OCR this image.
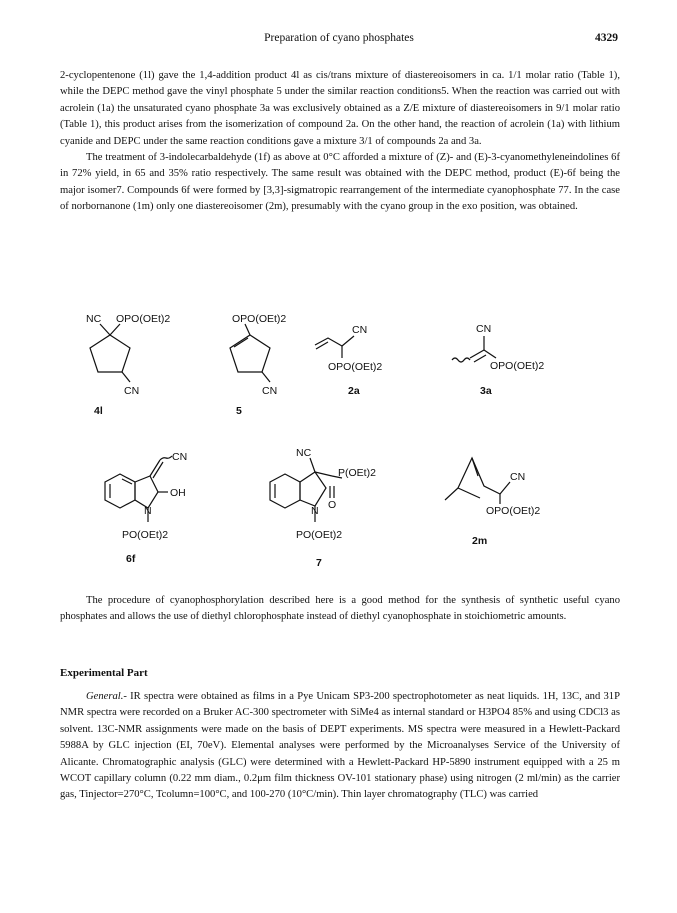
Preparation of cyano phosphates	4329

2-cyclopentenone (1l) gave the 1,4-addition product 4l as cis/trans mixture of diastereoisomers in ca. 1/1 molar ratio (Table 1), while the DEPC method gave the vinyl phosphate 5 under the similar reaction conditions5. When the reaction was carried out with acrolein (1a) the unsaturated cyano phosphate 3a was exclusively obtained as a Z/E mixture of diastereoisomers in 9/1 molar ratio (Table 1), this product arises from the isomerization of compound 2a. On the other hand, the reaction of acrolein (1a) with lithium cyanide and DEPC under the same reaction conditions gave a mixture 3/1 of compounds 2a and 3a.

The treatment of 3-indolecarbaldehyde (1f) as above at 0°C afforded a mixture of (Z)- and (E)-3-cyanomethyleneindolines 6f in 72% yield, in 65 and 35% ratio respectively. The same result was obtained with the DEPC method, product (E)-6f being the major isomer7. Compounds 6f were formed by [3,3]-sigmatropic rearrangement of the intermediate cyanophosphate 77. In the case of norbornanone (1m) only one diastereoisomer (2m), presumably with the cyano group in the exo position, was obtained.

NC OPO(OEt)2
CN
4l
OPO(OEt)2
CN
5
CN
OPO(OEt)2
2a
CN
OPO(OEt)2
3a
CN
OH
N
PO(OEt)2
6f
NC
P(OEt)2
O
N
PO(OEt)2
7
CN
OPO(OEt)2
2m
The procedure of cyanophosphorylation described here is a good method for the synthesis of synthetic useful cyano phosphates and allows the use of diethyl chlorophosphate instead of diethyl cyanophosphate in stoichiometric amounts.
Experimental Part
General.- IR spectra were obtained as films in a Pye Unicam SP3-200 spectrophotometer as neat liquids. 1H, 13C, and 31P NMR spectra were recorded on a Bruker AC-300 spectrometer with SiMe4 as internal standard or H3PO4 85% and using CDCl3 as solvent. 13C-NMR assignments were made on the basis of DEPT experiments. MS spectra were measured in a Hewlett-Packard 5988A by GLC injection (EI, 70eV). Elemental analyses were performed by the Microanalyses Service of the University of Alicante. Chromatographic analysis (GLC) were determined with a Hewlett-Packard HP-5890 instrument equipped with a 25 m WCOT capillary column (0.22 mm diam., 0.2μm film thickness OV-101 stationary phase) using nitrogen (2 ml/min) as the carrier gas, Tinjector=270°C, Tcolumn=100°C, and 100-270 (10°C/min). Thin layer chromatography (TLC) was carried
